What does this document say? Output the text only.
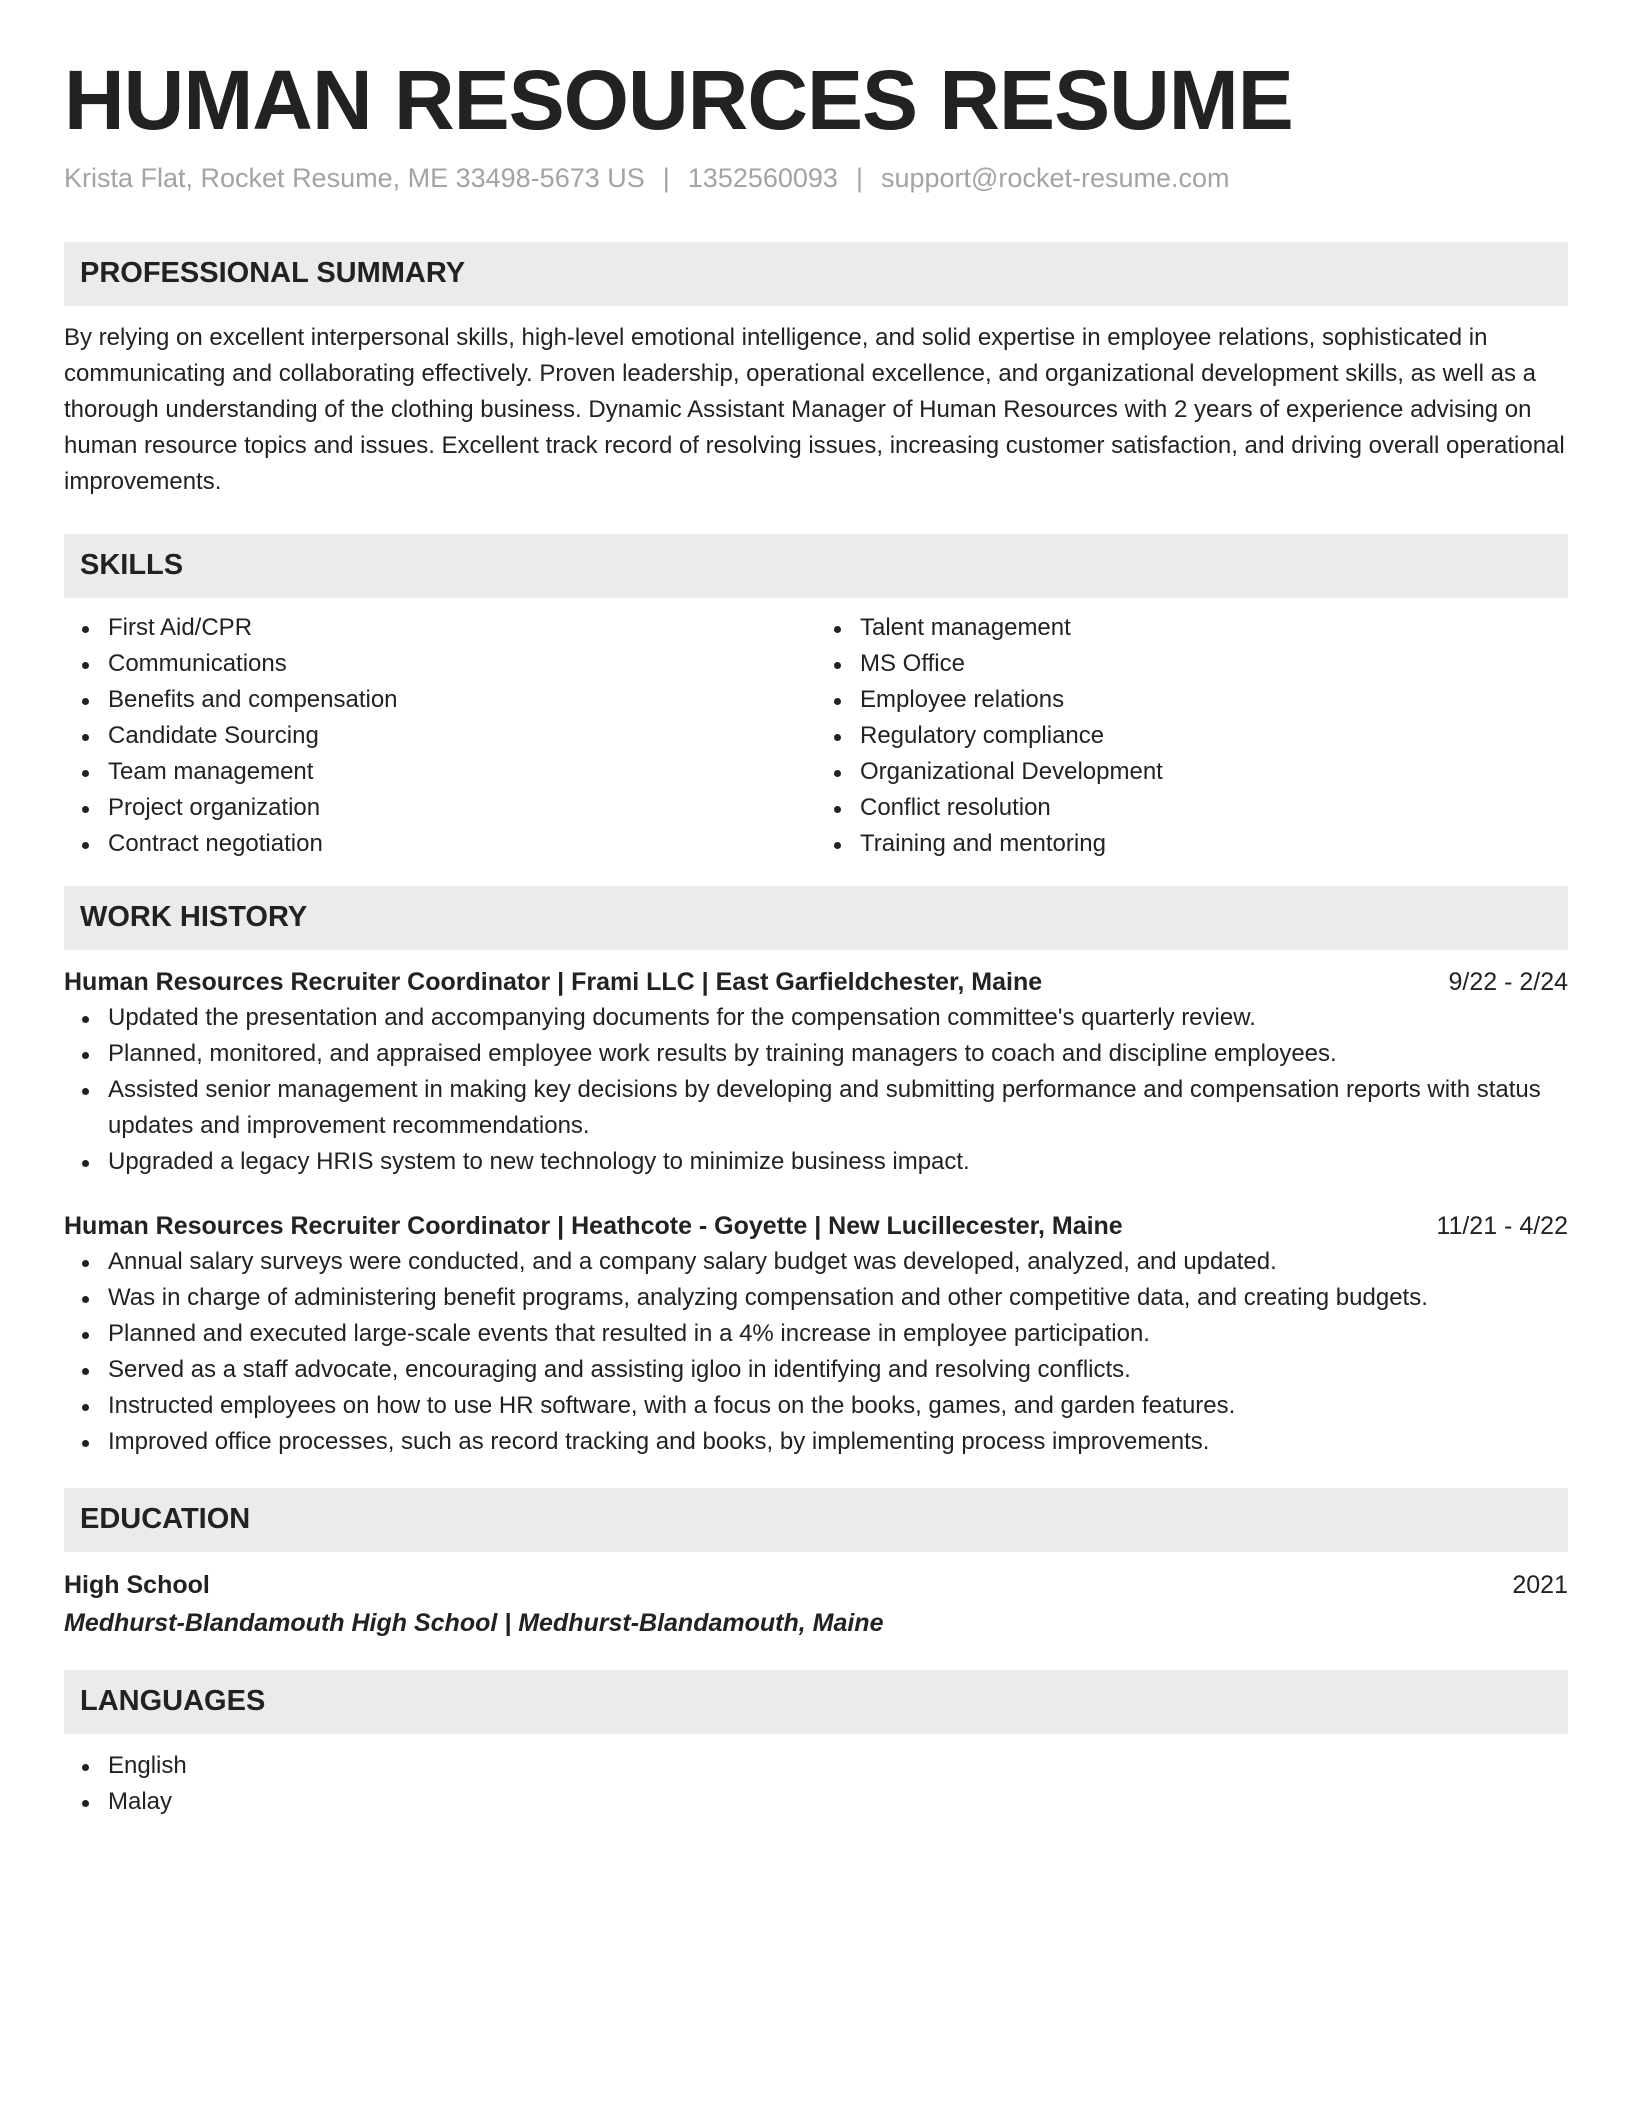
HUMAN RESOURCES RESUME
Krista Flat, Rocket Resume, ME 33498-5673 US | 1352560093 | support@rocket-resume.com
PROFESSIONAL SUMMARY

By relying on excellent interpersonal skills, high-level emotional intelligence, and solid expertise in employee relations, sophisticated in communicating and collaborating effectively. Proven leadership, operational excellence, and organizational development skills, as well as a thorough understanding of the clothing business. Dynamic Assistant Manager of Human Resources with 2 years of experience advising on human resource topics and issues. Excellent track record of resolving issues, increasing customer satisfaction, and driving overall operational improvements.

SKILLS
First Aid/CPR
Communications
Benefits and compensation
Candidate Sourcing
Team management
Project organization
Contract negotiation
Talent management
MS Office
Employee relations
Regulatory compliance
Organizational Development
Conflict resolution
Training and mentoring
WORK HISTORY
Human Resources Recruiter Coordinator | Frami LLC | East Garfieldchester, Maine	9/22 - 2/24
Updated the presentation and accompanying documents for the compensation committee's quarterly review.
Planned, monitored, and appraised employee work results by training managers to coach and discipline employees.
Assisted senior management in making key decisions by developing and submitting performance and compensation reports with status updates and improvement recommendations.
Upgraded a legacy HRIS system to new technology to minimize business impact.
Human Resources Recruiter Coordinator | Heathcote - Goyette | New Lucillecester, Maine	11/21 - 4/22
Annual salary surveys were conducted, and a company salary budget was developed, analyzed, and updated.
Was in charge of administering benefit programs, analyzing compensation and other competitive data, and creating budgets.
Planned and executed large-scale events that resulted in a 4% increase in employee participation.
Served as a staff advocate, encouraging and assisting igloo in identifying and resolving conflicts.
Instructed employees on how to use HR software, with a focus on the books, games, and garden features.
Improved office processes, such as record tracking and books, by implementing process improvements.
EDUCATION
High School	2021
Medhurst-Blandamouth High School | Medhurst-Blandamouth, Maine
LANGUAGES
English
Malay
